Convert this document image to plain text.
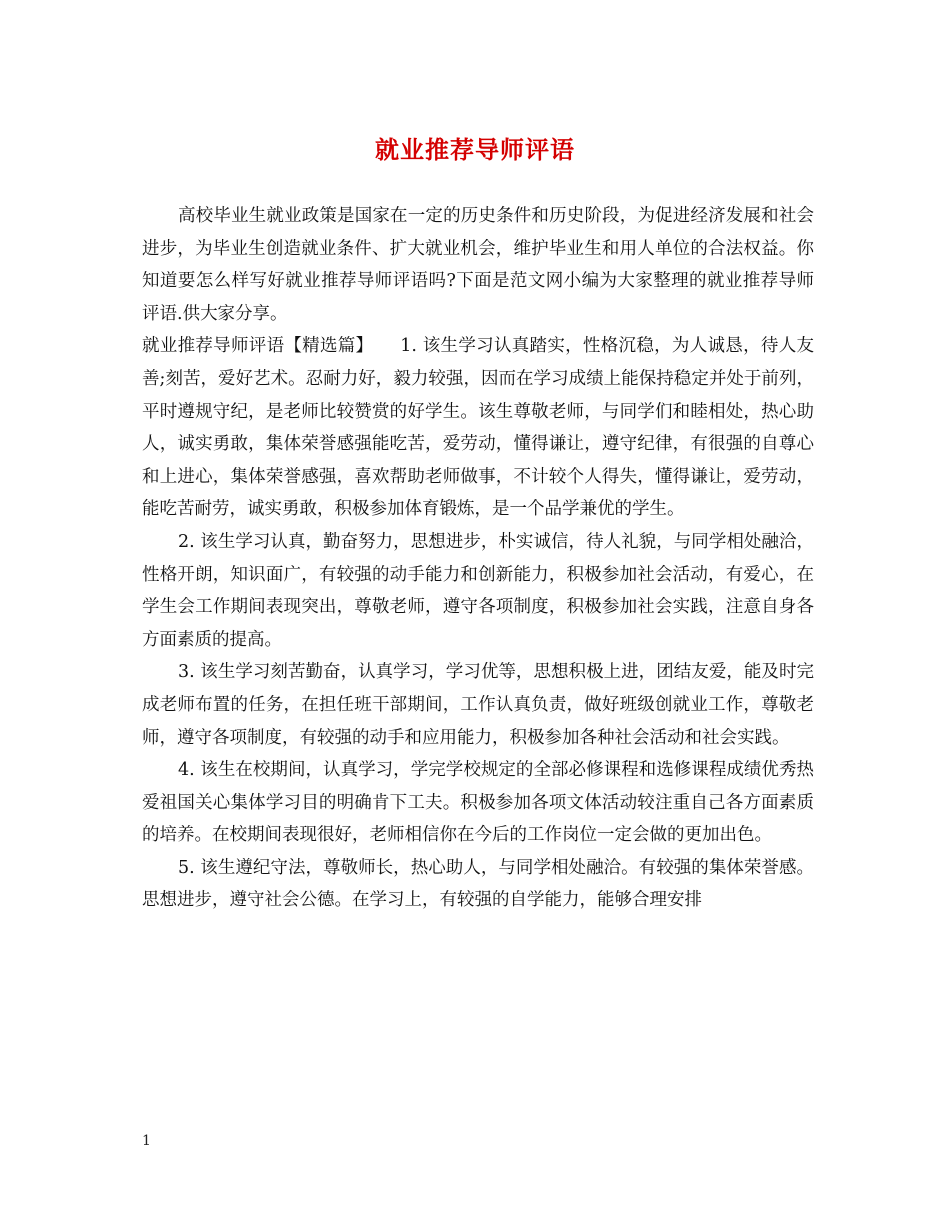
就业推荐导师评语

高校毕业生就业政策是国家在一定的历史条件和历史阶段，为促进经济发展和社会进步，为毕业生创造就业条件、扩大就业机会，维护毕业生和用人单位的合法权益。你知道要怎么样写好就业推荐导师评语吗?下面是范文网小编为大家整理的就业推荐导师评语.供大家分享。

就业推荐导师评语【精选篇】　　1. 该生学习认真踏实，性格沉稳，为人诚恳，待人友善;刻苦，爱好艺术。忍耐力好，毅力较强，因而在学习成绩上能保持稳定并处于前列，平时遵规守纪，是老师比较赞赏的好学生。该生尊敬老师，与同学们和睦相处，热心助人，诚实勇敢，集体荣誉感强能吃苦，爱劳动，懂得谦让，遵守纪律，有很强的自尊心和上进心，集体荣誉感强，喜欢帮助老师做事，不计较个人得失，懂得谦让，爱劳动，能吃苦耐劳，诚实勇敢，积极参加体育锻炼，是一个品学兼优的学生。

2. 该生学习认真，勤奋努力，思想进步，朴实诚信，待人礼貌，与同学相处融洽，性格开朗，知识面广，有较强的动手能力和创新能力，积极参加社会活动，有爱心，在学生会工作期间表现突出，尊敬老师，遵守各项制度，积极参加社会实践，注意自身各方面素质的提高。

3. 该生学习刻苦勤奋，认真学习，学习优等，思想积极上进，团结友爱，能及时完成老师布置的任务，在担任班干部期间，工作认真负责，做好班级创就业工作，尊敬老师，遵守各项制度，有较强的动手和应用能力，积极参加各种社会活动和社会实践。

4. 该生在校期间，认真学习，学完学校规定的全部必修课程和选修课程成绩优秀热爱祖国关心集体学习目的明确肯下工夫。积极参加各项文体活动较注重自己各方面素质的培养。在校期间表现很好，老师相信你在今后的工作岗位一定会做的更加出色。

5. 该生遵纪守法，尊敬师长，热心助人，与同学相处融洽。有较强的集体荣誉感。思想进步，遵守社会公德。在学习上，有较强的自学能力，能够合理安排

1
